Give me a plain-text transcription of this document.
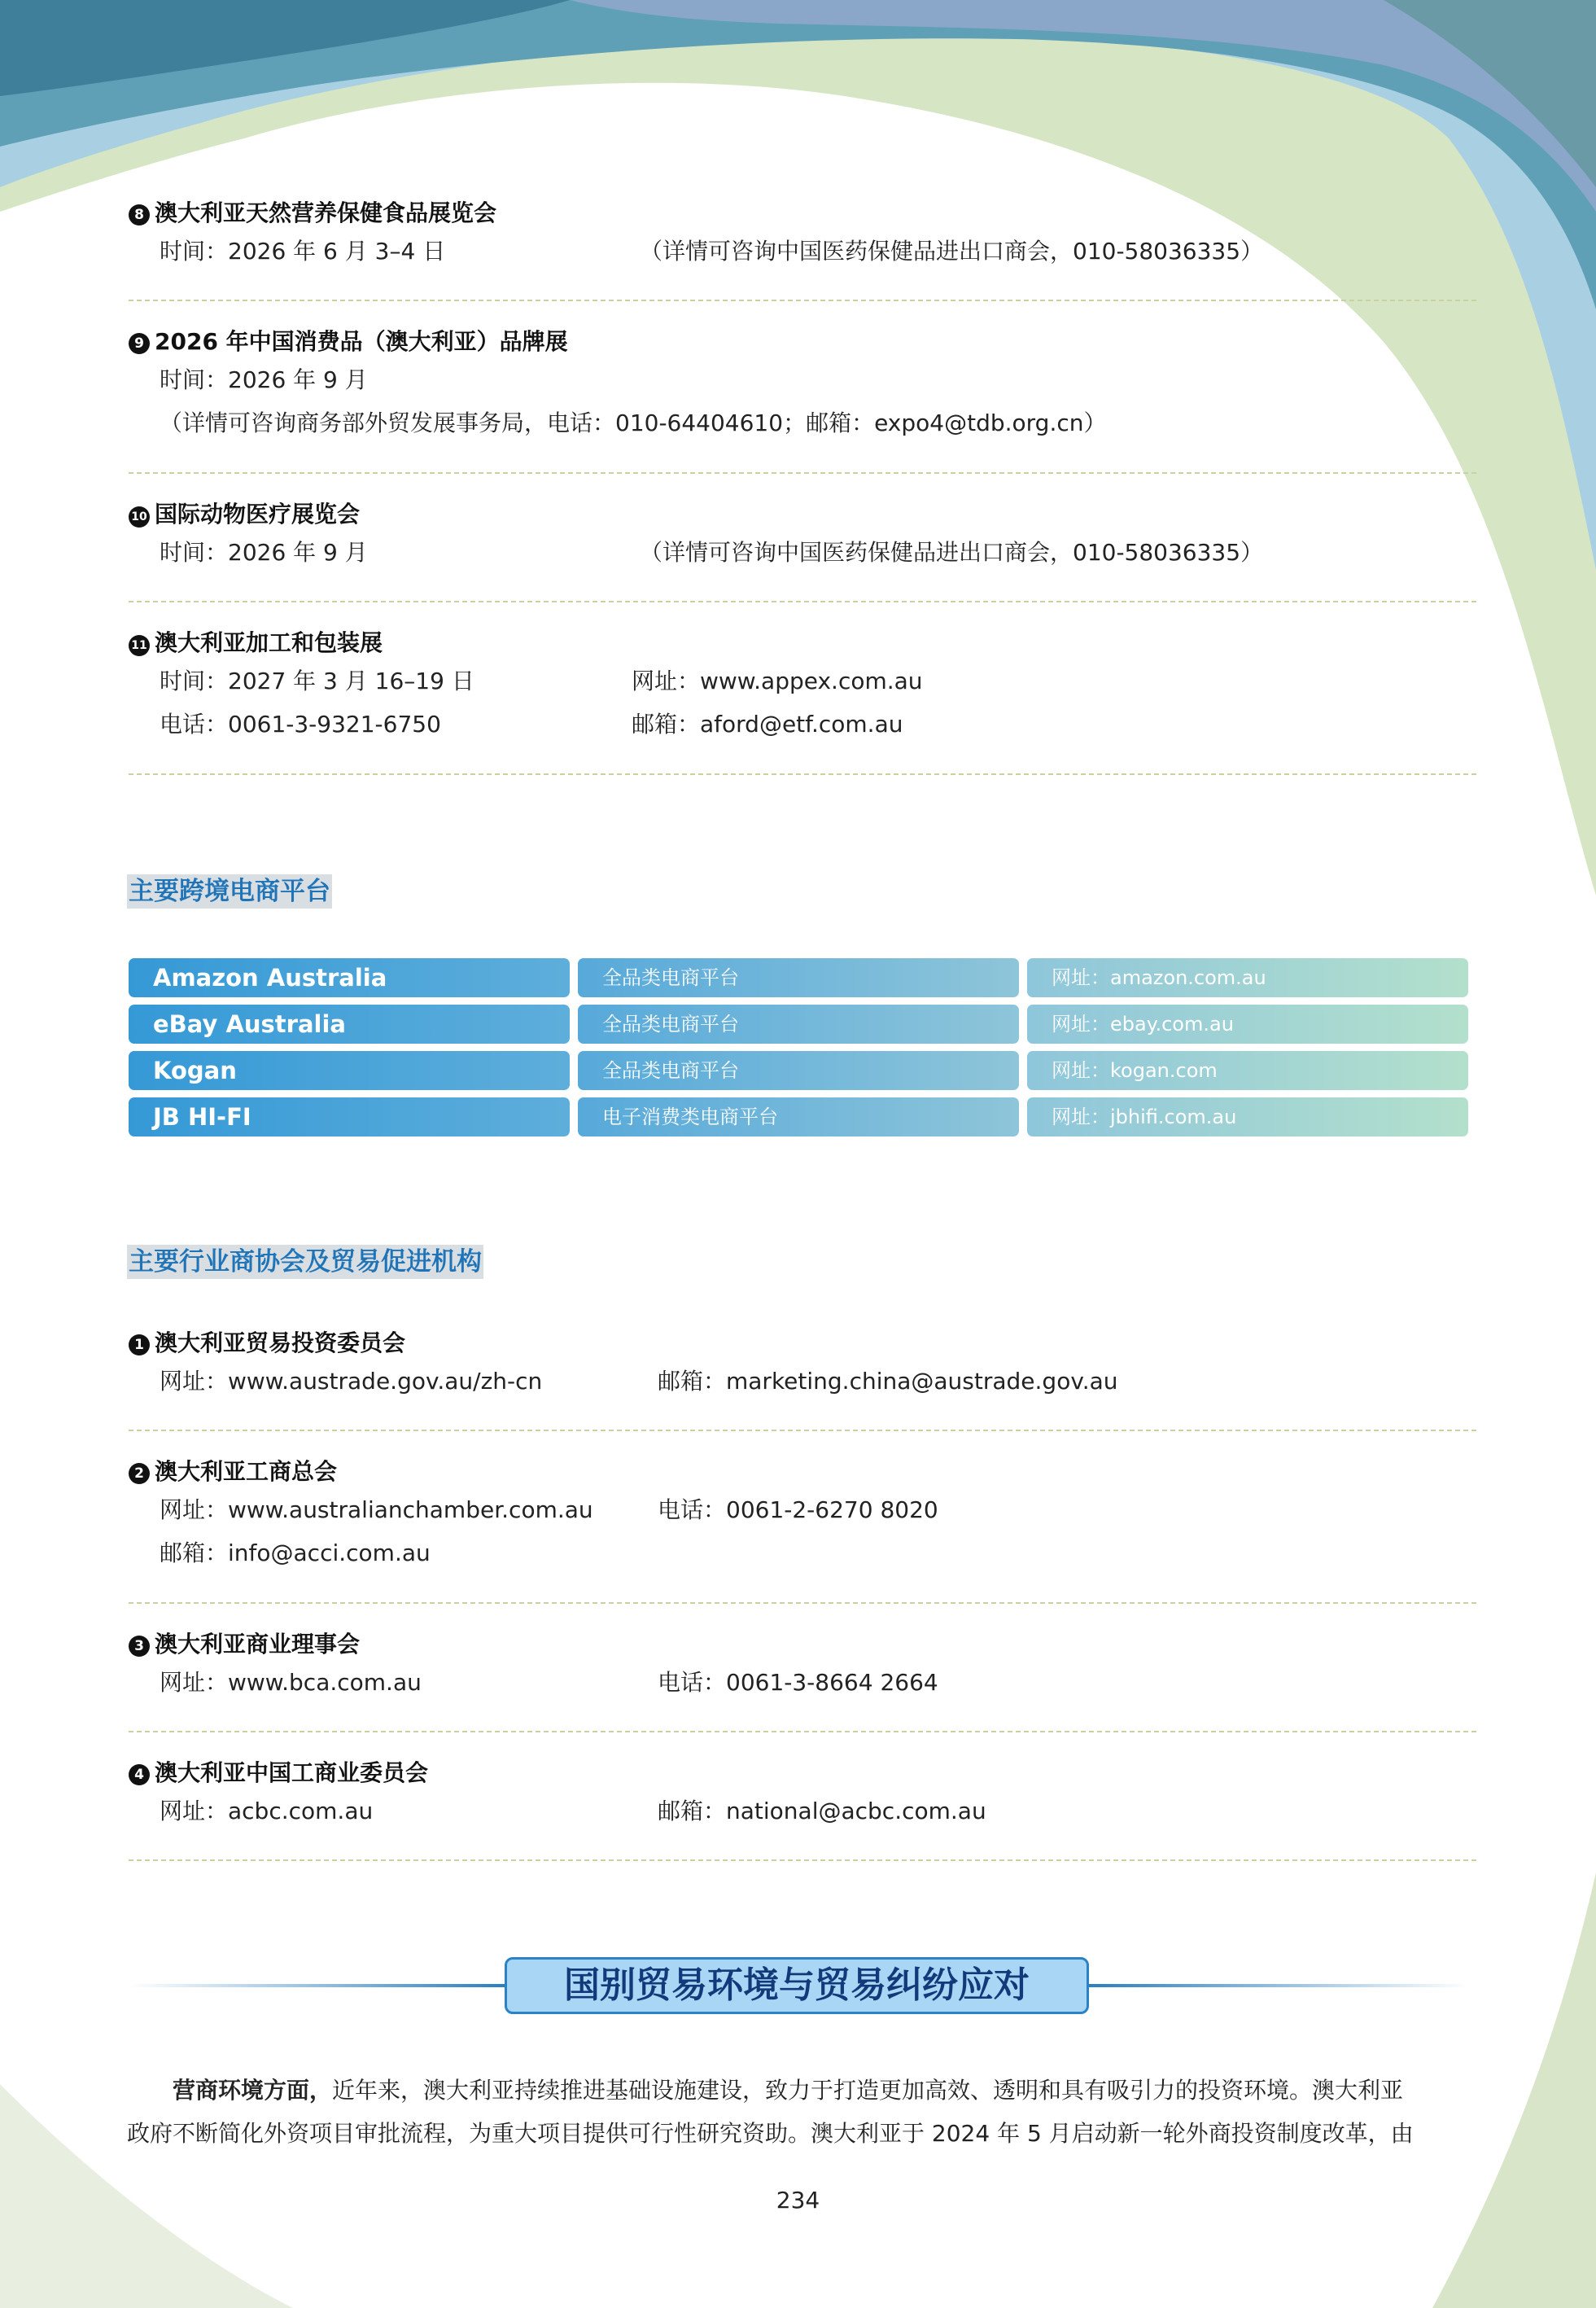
8 澳大利亚天然营养保健食品展览会
时间：2026 年 6 月 3–4 日	（详情可咨询中国医药保健品进出口商会，010-58036335）
9 2026 年中国消费品（澳大利亚）品牌展
时间：2026 年 9 月
（详情可咨询商务部外贸发展事务局，电话：010-64404610；邮箱：expo4@tdb.org.cn）
10 国际动物医疗展览会
时间：2026 年 9 月	（详情可咨询中国医药保健品进出口商会，010-58036335）
11 澳大利亚加工和包装展
时间：2027 年 3 月 16–19 日	网址：www.appex.com.au
电话：0061-3-9321-6750	邮箱：aford@etf.com.au
主要跨境电商平台
Amazon Australia	全品类电商平台	网址：amazon.com.au
eBay Australia	全品类电商平台	网址：ebay.com.au
Kogan	全品类电商平台	网址：kogan.com
JB HI-FI	电子消费类电商平台	网址：jbhifi.com.au
主要行业商协会及贸易促进机构
1 澳大利亚贸易投资委员会
网址：www.austrade.gov.au/zh-cn	邮箱：marketing.china@austrade.gov.au
2 澳大利亚工商总会
网址：www.australianchamber.com.au	电话：0061-2-6270 8020
邮箱：info@acci.com.au
3 澳大利亚商业理事会
网址：www.bca.com.au	电话：0061-3-8664 2664
4 澳大利亚中国工商业委员会
网址：acbc.com.au	邮箱：national@acbc.com.au
国别贸易环境与贸易纠纷应对
营商环境方面，近年来，澳大利亚持续推进基础设施建设，致力于打造更加高效、透明和具有吸引力的投资环境。澳大利亚
政府不断简化外资项目审批流程，为重大项目提供可行性研究资助。澳大利亚于 2024 年 5 月启动新一轮外商投资制度改革，由
234
